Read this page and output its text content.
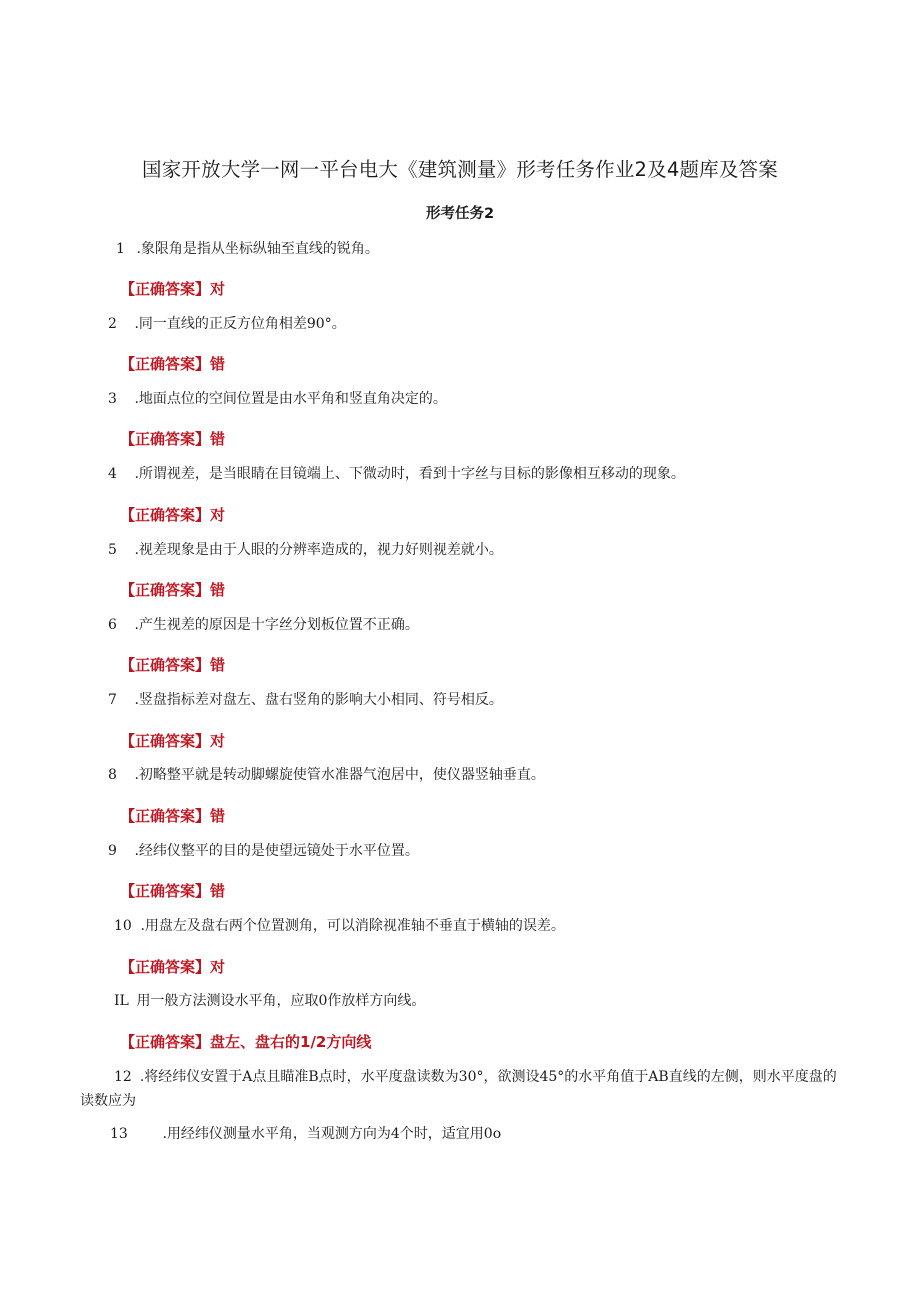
国家开放大学一网一平台电大《建筑测量》形考任务作业2及4题库及答案
形考任务2
1 .象限角是指从坐标纵轴至直线的锐角。
【正确答案】对
2 .同一直线的正反方位角相差90°。
【正确答案】错
3 .地面点位的空间位置是由水平角和竖直角决定的。
【正确答案】错
4 .所谓视差，是当眼睛在目镜端上、下微动时，看到十字丝与目标的影像相互移动的现象。
【正确答案】对
5 .视差现象是由于人眼的分辨率造成的，视力好则视差就小。
【正确答案】错
6 .产生视差的原因是十字丝分划板位置不正确。
【正确答案】错
7 .竖盘指标差对盘左、盘右竖角的影响大小相同、符号相反。
【正确答案】对
8 .初略整平就是转动脚螺旋使管水准器气泡居中，使仪器竖轴垂直。
【正确答案】错
9 .经纬仪整平的目的是使望远镜处于水平位置。
【正确答案】错
10 .用盘左及盘右两个位置测角，可以消除视准轴不垂直于横轴的误差。
【正确答案】对
IL 用一般方法测设水平角，应取0作放样方向线。
【正确答案】盘左、盘右的1/2方向线
12 .将经纬仪安置于A点且瞄准B点时，水平度盘读数为30°，欲测设45°的水平角值于AB直线的左侧，则水平度盘的读数应为
13 .用经纬仪测量水平角，当观测方向为4个时，适宜用0o
